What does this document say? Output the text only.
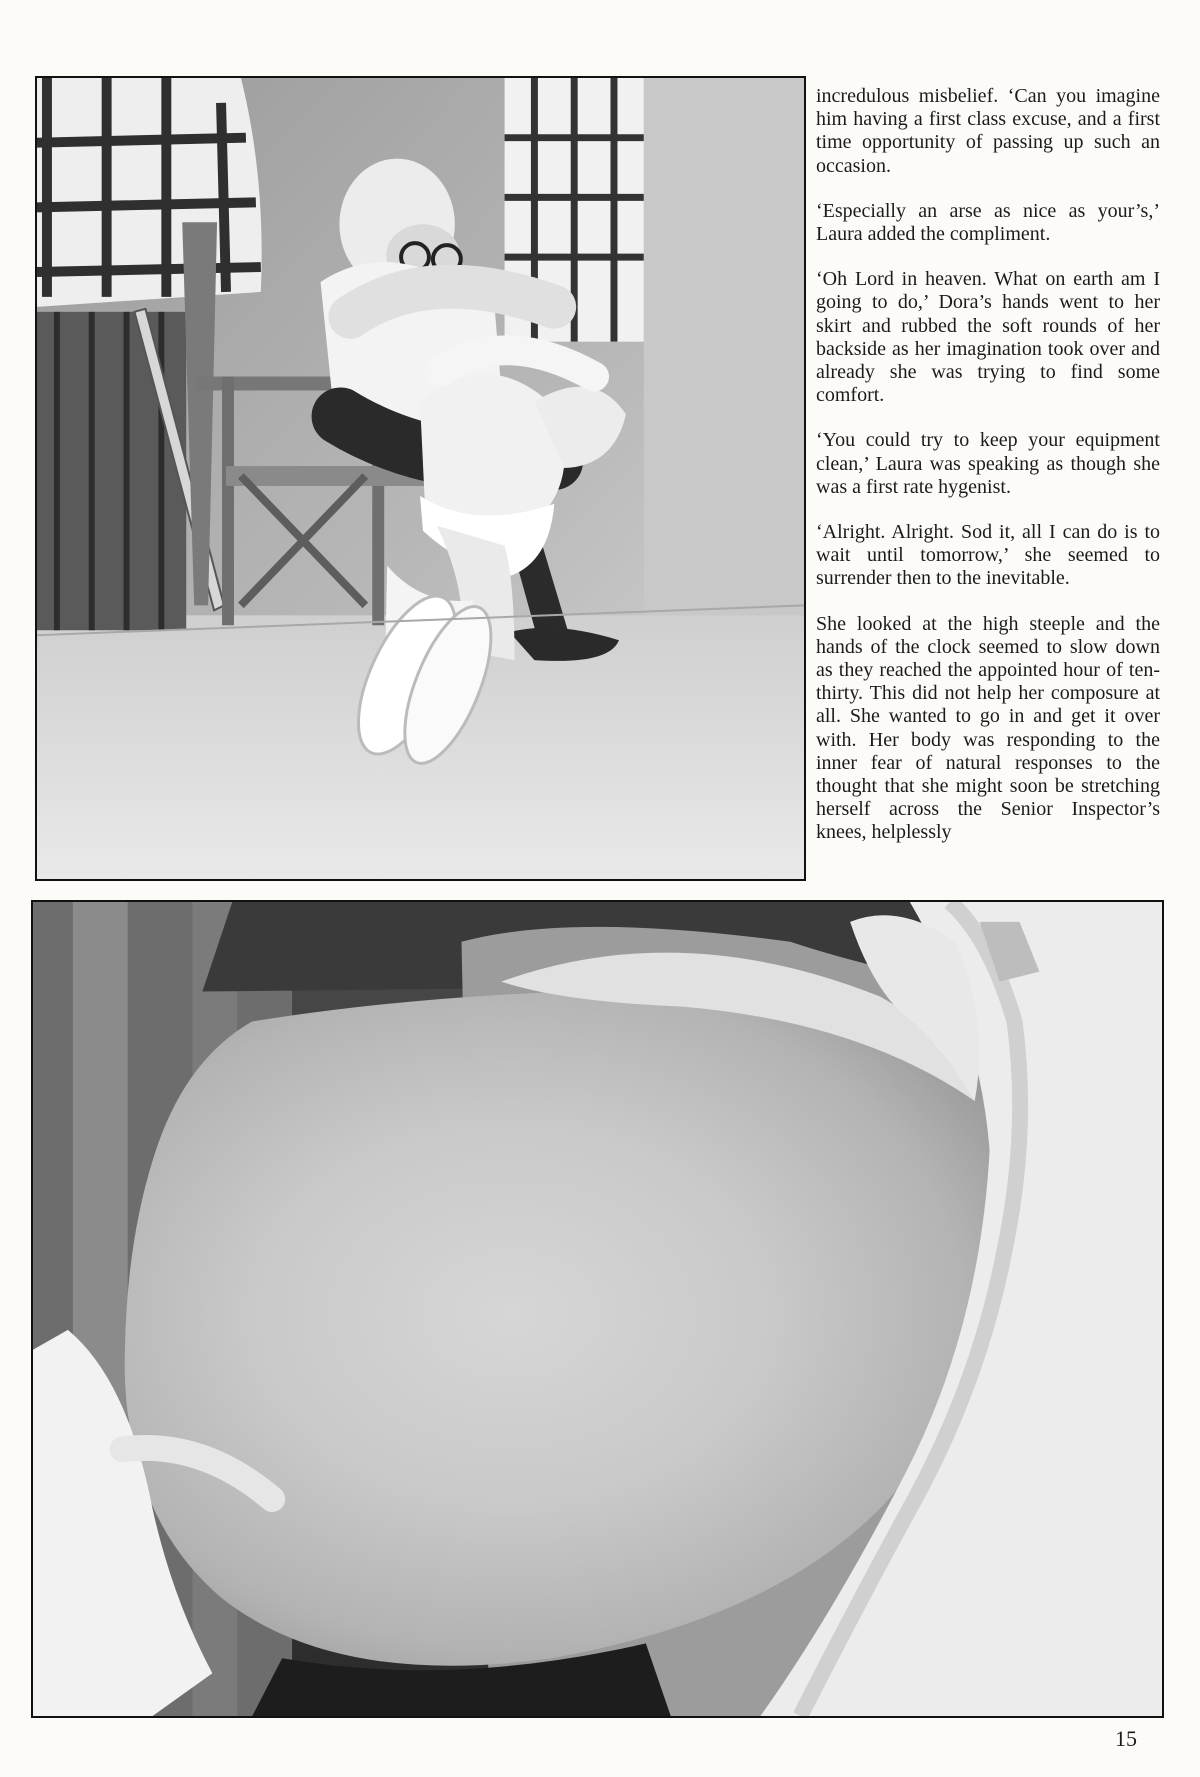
incredulous misbelief. ‘Can you imagine him having a first class excuse, and a first time opportunity of passing up such an occasion.

‘Especially an arse as nice as your’s,’ Laura added the compliment.

‘Oh Lord in heaven. What on earth am I going to do,’ Dora’s hands went to her skirt and rubbed the soft rounds of her backside as her imagination took over and already she was trying to find some comfort.

‘You could try to keep your equipment clean,’ Laura was speaking as though she was a first rate hygenist.

‘Alright. Alright. Sod it, all I can do is to wait until tomorrow,’ she seemed to surrender then to the inevitable.

She looked at the high steeple and the hands of the clock seemed to slow down as they reached the appointed hour of ten-thirty. This did not help her composure at all. She wanted to go in and get it over with. Her body was responding to the inner fear of natural responses to the thought that she might soon be stretching herself across the Senior Inspector’s knees, helplessly

15
